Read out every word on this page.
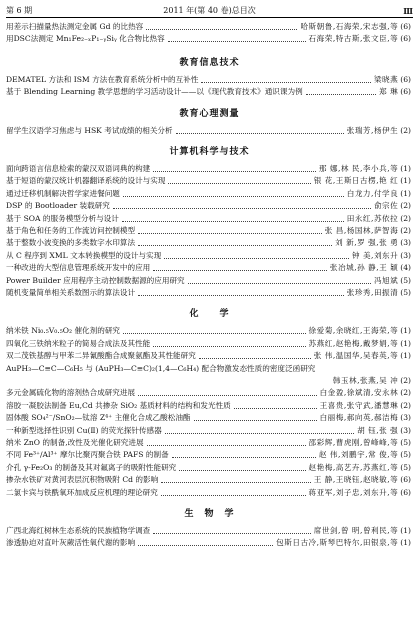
第 6 期	2011 年(第 40 卷)总目次	Ⅲ
用差示扫描量热法测定金属 Gd 的比热容	哈斯朝鲁,石海荣,宋志强,等 (6)
用DSC法测定 Mn₁Fe₂₋ₓP₁₋ᵧSiᵧ 化合物比热容	石海荣,特古斯,张文臣,等 (6)
教育信息技术
DEMATEL 方法和 ISM 方法在教育系统分析中的互补性	梁晓燕 (6)
基于 Blending Learning 教学思想的学习活动设计——以《现代教育技术》通识课为例	郑 琳 (6)
教育心理测量
留学生汉语学习焦虑与 HSK 考试成绩的相关分析	张瑞芳,杨伊生 (2)
计算机科学与技术
面向跨语言信息检索的蒙汉双语词典的构建	那 娜,林 民,李小兵,等 (1)
基于短语的蒙汉统计机器翻译系统的设计与实现	银 花,王斯日古楞,艳 红 (1)
通过迁移机制解决哲学家进餐问题	白龙力,付学良 (1)
DSP 的 Bootloader 装载研究	俞宗佐 (2)
基于 SOA 的服务模型分析与设计	田永红,苏依拉 (2)
基于角色和任务的工作流访问控制模型	张 昌,杨国林,萨智海 (2)
基于整数小波变换的多类数字水印算法	刘 新,罗 强,张 勇 (3)
从 C 程序到 XML 文本转换模型的设计与实现	钟 美,刘东升 (3)
一种改进的大型信息管理系统开发中的应用	张冶城,孙 静,王 颖 (4)
Power Builder 应用程序主动控制数据源的应用研究	冯旭斌 (5)
随机变量简单相关系数图示的算法设计	张珍秀,田振清 (5)
化　　学
纳米铁 Ni₀.₅V₀.₅O₂ 催化剂的研究	徐爱菊,余晓红,王海荣,等 (1)
四氧化三铁纳米粒子的简易合成法及其性能	苏燕红,赵艳梅,戴梦娟,等 (1)
双二茂铁基醇与甲苯二异氰酸酯合成聚氨酯及其性能研究	张 伟,温国华,吴春英,等 (1)
AuPH₃—C≡C—C₆H₅ 与 (AuPH₃—C≡C)₂(1,4—C₆H₄) 配合物激发态性质的密度泛函研究
韩玉林,张燕,吴 冲 (2)
多元金属硫化物的溶剂热合成研究进展	白金盈,徐斌清,安永林 (2)
溶胶一凝胶法制备 Eu,Cd 共掺杂 SiO₂ 基质材料的结构和发光性质	王喜贵,张守武,潘慧琳 (2)
固体酸 SO₄²⁻/SnO₂—钛溶 Z⁴⁺ 主催化合成乙酸松油酯	白丽梅,郝向英,郝洁梅 (3)
一种新型选择性识别 Cu(Ⅱ) 的荧光探针传感器	胡 钰,张 强 (3)
纳米 ZnO 的制备,改性及光催化研究进展	邵彩辉,曹虎刚,曾峰峰,等 (5)
不同 Fe³⁺/Al³⁺ 摩尔比聚丙聚合铁 PAFS 的制备	赵 伟,刘鹏宇,常 俊,等 (5)
介孔 γ-Fe₂O₃ 的制备及其对氟离子的吸附性能研究	赵艳梅,高艺卉,苏燕红,等 (5)
掺杂水铁矿对黄河表层沉积物吸附 Cd 的影响	王 静,王晓钰,赵晓敏,等 (6)
二氯卡宾与铁酰氧环加成反应机理的理论研究	蒋亚军,刘子忠,刘东升,等 (6)
生　物　学
广西北海红树林生态系统的民族植物学调查	席世剑,曾 明,曾利民,等 (1)
渗透胁迫对直叶灰蕨活性氧代谢的影响	包斯日古冷,斯琴巴特尔,田银泉,等 (1)
